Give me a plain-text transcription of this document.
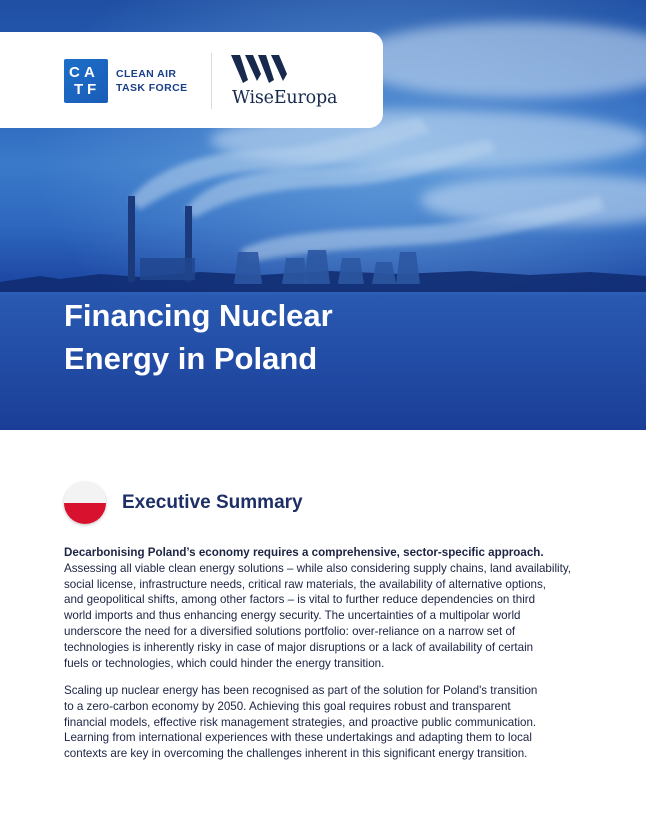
C A
T F
CLEAN AIR
TASK FORCE	WiseEuropa
Financing Nuclear
Energy in Poland
Executive Summary
Decarbonising Poland’s economy requires a comprehensive, sector-specific approach.
Assessing all viable clean energy solutions – while also considering supply chains, land availability,
social license, infrastructure needs, critical raw materials, the availability of alternative options,
and geopolitical shifts, among other factors – is vital to further reduce dependencies on third
world imports and thus enhancing energy security. The uncertainties of a multipolar world
underscore the need for a diversified solutions portfolio: over-reliance on a narrow set of
technologies is inherently risky in case of major disruptions or a lack of availability of certain
fuels or technologies, which could hinder the energy transition.
Scaling up nuclear energy has been recognised as part of the solution for Poland's transition
to a zero-carbon economy by 2050. Achieving this goal requires robust and transparent
financial models, effective risk management strategies, and proactive public communication.
Learning from international experiences with these undertakings and adapting them to local
contexts are key in overcoming the challenges inherent in this significant energy transition.
